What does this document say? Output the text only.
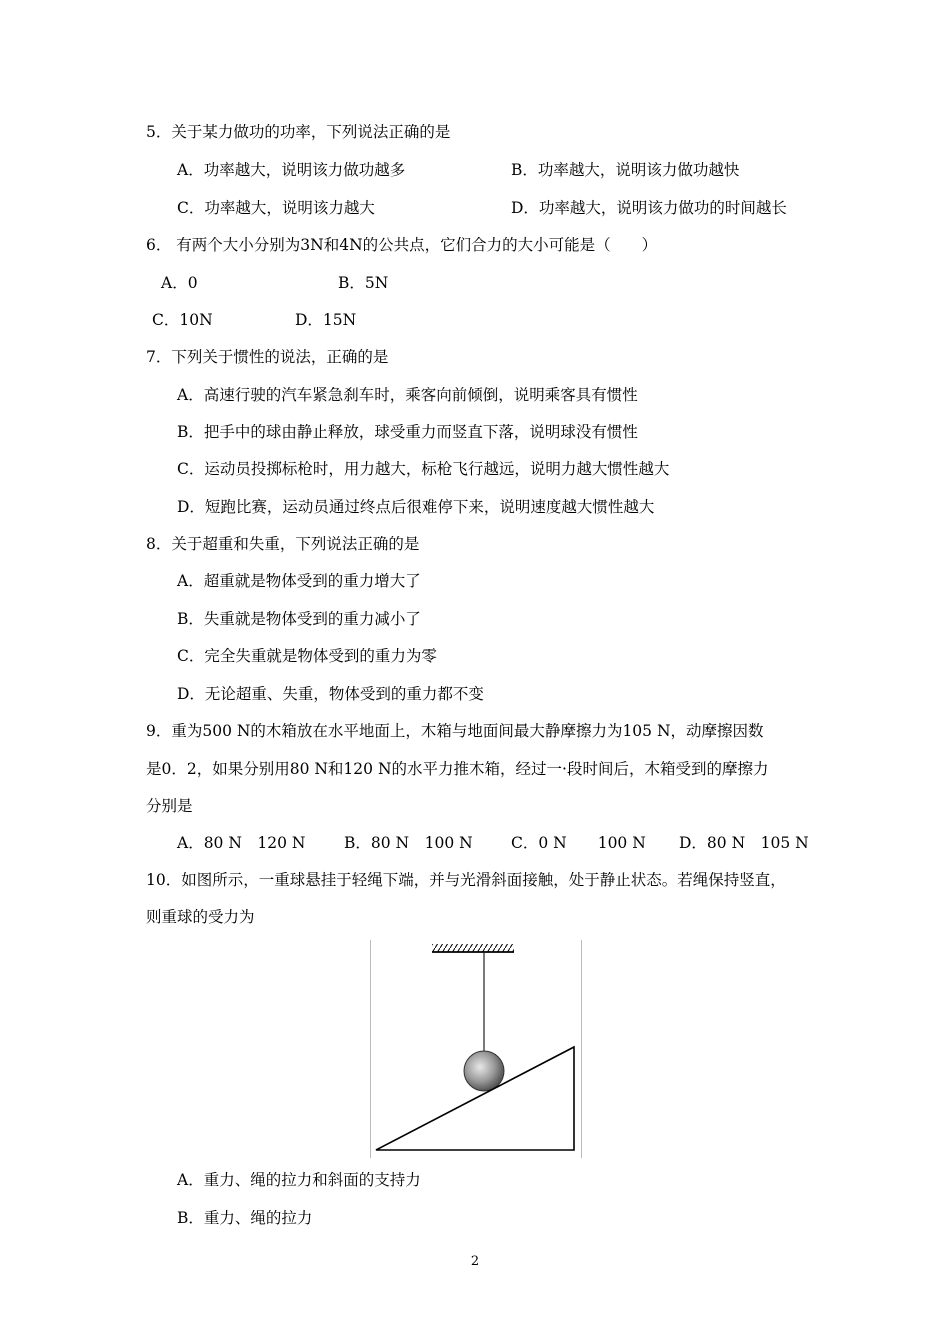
5．关于某力做功的功率，下列说法正确的是
A．功率越大，说明该力做功越多	B．功率越大，说明该力做功越快
C．功率越大，说明该力越大	D．功率越大，说明该力做功的时间越长
6． 有两个大小分别为3N和4N的公共点，它们合力的大小可能是（　　）
A．0	B．5N
C．10N	D．15N
7．下列关于惯性的说法，正确的是
A．高速行驶的汽车紧急刹车时，乘客向前倾倒，说明乘客具有惯性
B．把手中的球由静止释放，球受重力而竖直下落，说明球没有惯性
C．运动员投掷标枪时，用力越大，标枪飞行越远，说明力越大惯性越大
D．短跑比赛，运动员通过终点后很难停下来，说明速度越大惯性越大
8．关于超重和失重，下列说法正确的是
A．超重就是物体受到的重力增大了
B．失重就是物体受到的重力减小了
C．完全失重就是物体受到的重力为零
D．无论超重、失重，物体受到的重力都不变
9．重为500 N的木箱放在水平地面上，木箱与地面间最大静摩擦力为105 N，动摩擦因数
是0．2，如果分别用80 N和120 N的水平力推木箱，经过一·段时间后，木箱受到的摩擦力
分别是
A．80 N　120 N B．80 N　100 N C．0 N　　100 N D．80 N　105 N
10．如图所示，一重球悬挂于轻绳下端，并与光滑斜面接触，处于静止状态。若绳保持竖直，
则重球的受力为
A．重力、绳的拉力和斜面的支持力
B．重力、绳的拉力
2
